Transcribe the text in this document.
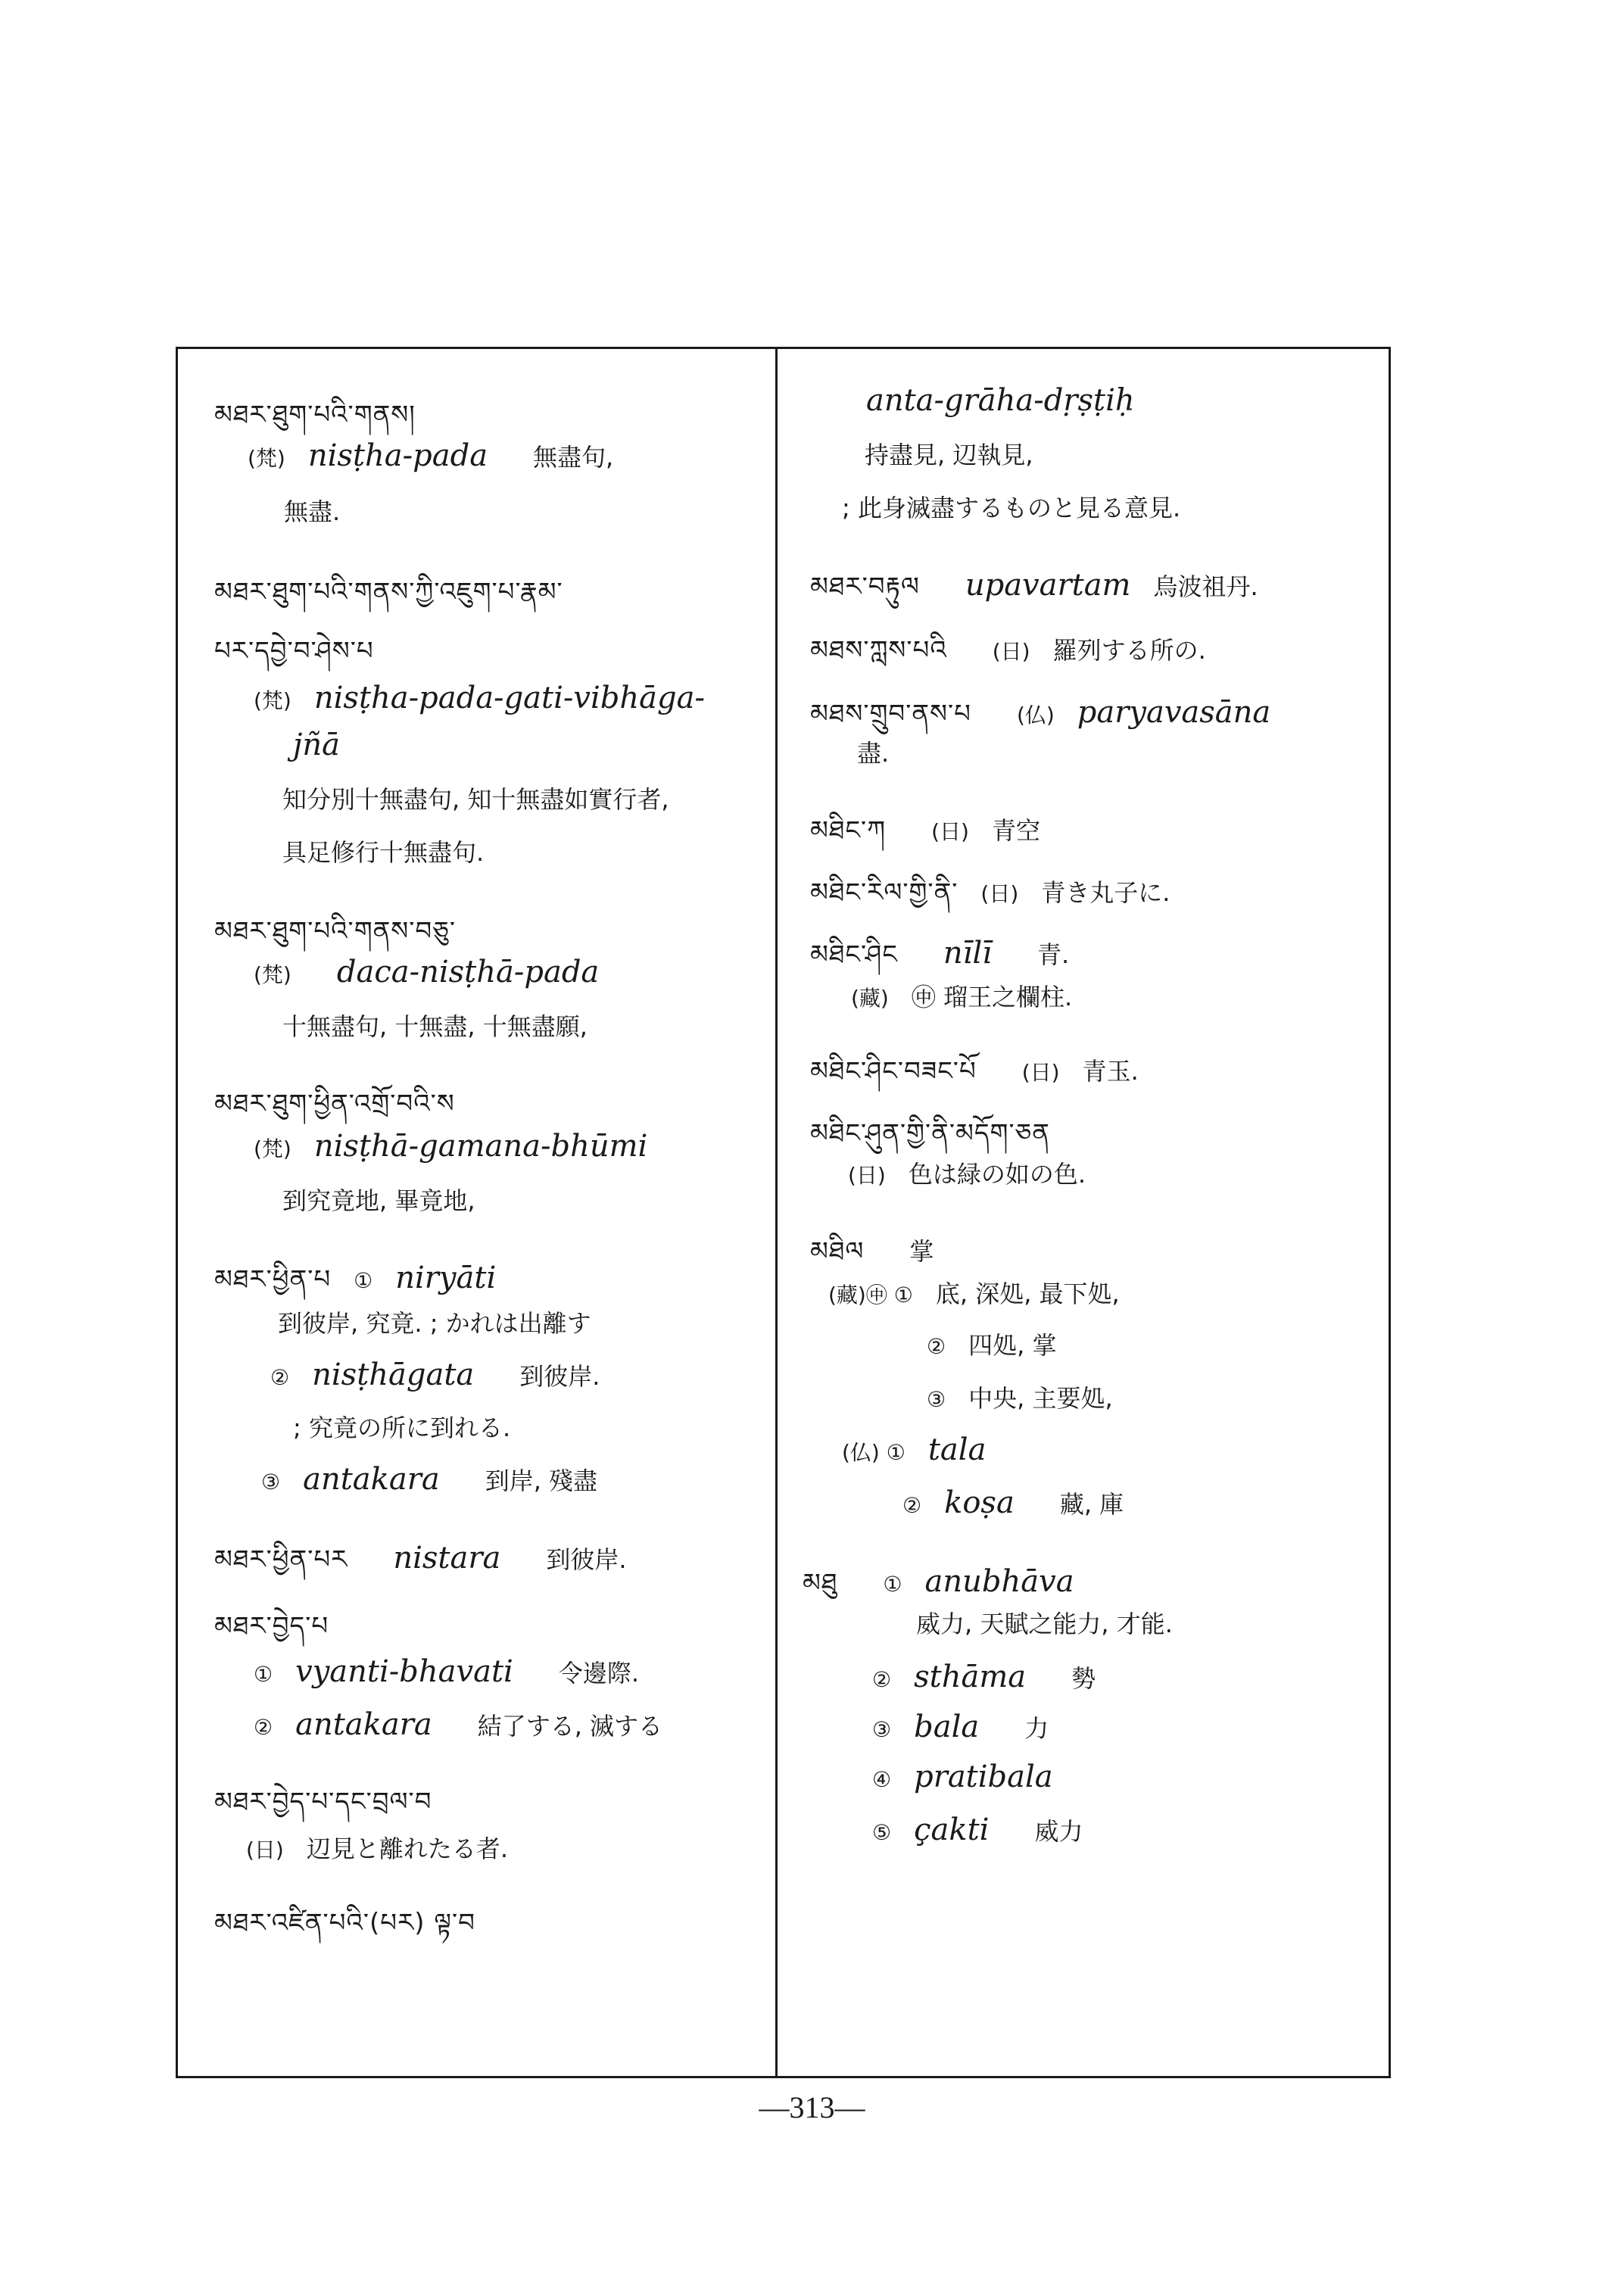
མཐར་ཐུག་པའི་གནས།
(梵) nisṭha-pada 無盡句,
無盡.
མཐར་ཐུག་པའི་གནས་ཀྱི་འཇུག་པ་རྣམ་
པར་དབྱེ་བ་ཤེས་པ
(梵) nisṭha-pada-gati-vibhāga-
jñā
知分別十無盡句, 知十無盡如實行者,
具足修行十無盡句.
མཐར་ཐུག་པའི་གནས་བཅུ་
(梵) daca-nisṭhā-pada
十無盡句, 十無盡, 十無盡願,
མཐར་ཐུག་ཕྱིན་འགྲོ་བའི་ས
(梵) nisṭhā-gamana-bhūmi
到究竟地, 畢竟地,
མཐར་ཕྱིན་པ ① niryāti
到彼岸, 究竟. ; かれは出離す
② nisṭhāgata 到彼岸.
; 究竟の所に到れる.
③ antakara 到岸, 殘盡
མཐར་ཕྱིན་པར nistara 到彼岸.
མཐར་བྱེད་པ
① vyanti-bhavati 令邊際.
② antakara 結了する, 滅する
མཐར་བྱེད་པ་དང་བྲལ་བ
(日) 辺見と離れたる者.
མཐར་འཛིན་པའི་(པར) ལྟ་བ
anta-grāha-dṛṣṭiḥ
持盡見, 辺執見,
; 此身滅盡するものと見る意見.
མཐར་བརྟུལ upavartam 烏波祖丹.
མཐས་ཀླས་པའི (日) 羅列する所の.
མཐས་གྲུབ་ནས་པ (仏) paryavasāna
盡.
མཐིང་ཀ (日) 青空
མཐིང་རིལ་གྱི་ནི་ (日) 青き丸子に.
མཐིང་ཤིང nīlī 青.
(藏) ㊥ 瑠王之欄柱.
མཐིང་ཤིང་བཟང་པོ (日) 青玉.
མཐིང་ཤུན་གྱི་ནི་མདོག་ཅན
(日) 色は緑の如の色.
མཐིལ 掌
(藏)㊥ ① 底, 深処, 最下処,
② 四処, 掌
③ 中央, 主要処,
(仏) ① tala
② koṣa 藏, 庫
མཐུ ① anubhāva
威力, 天賦之能力, 才能.
② sthāma 勢
③ bala 力
④ pratibala
⑤ çakti 威力
—313—
